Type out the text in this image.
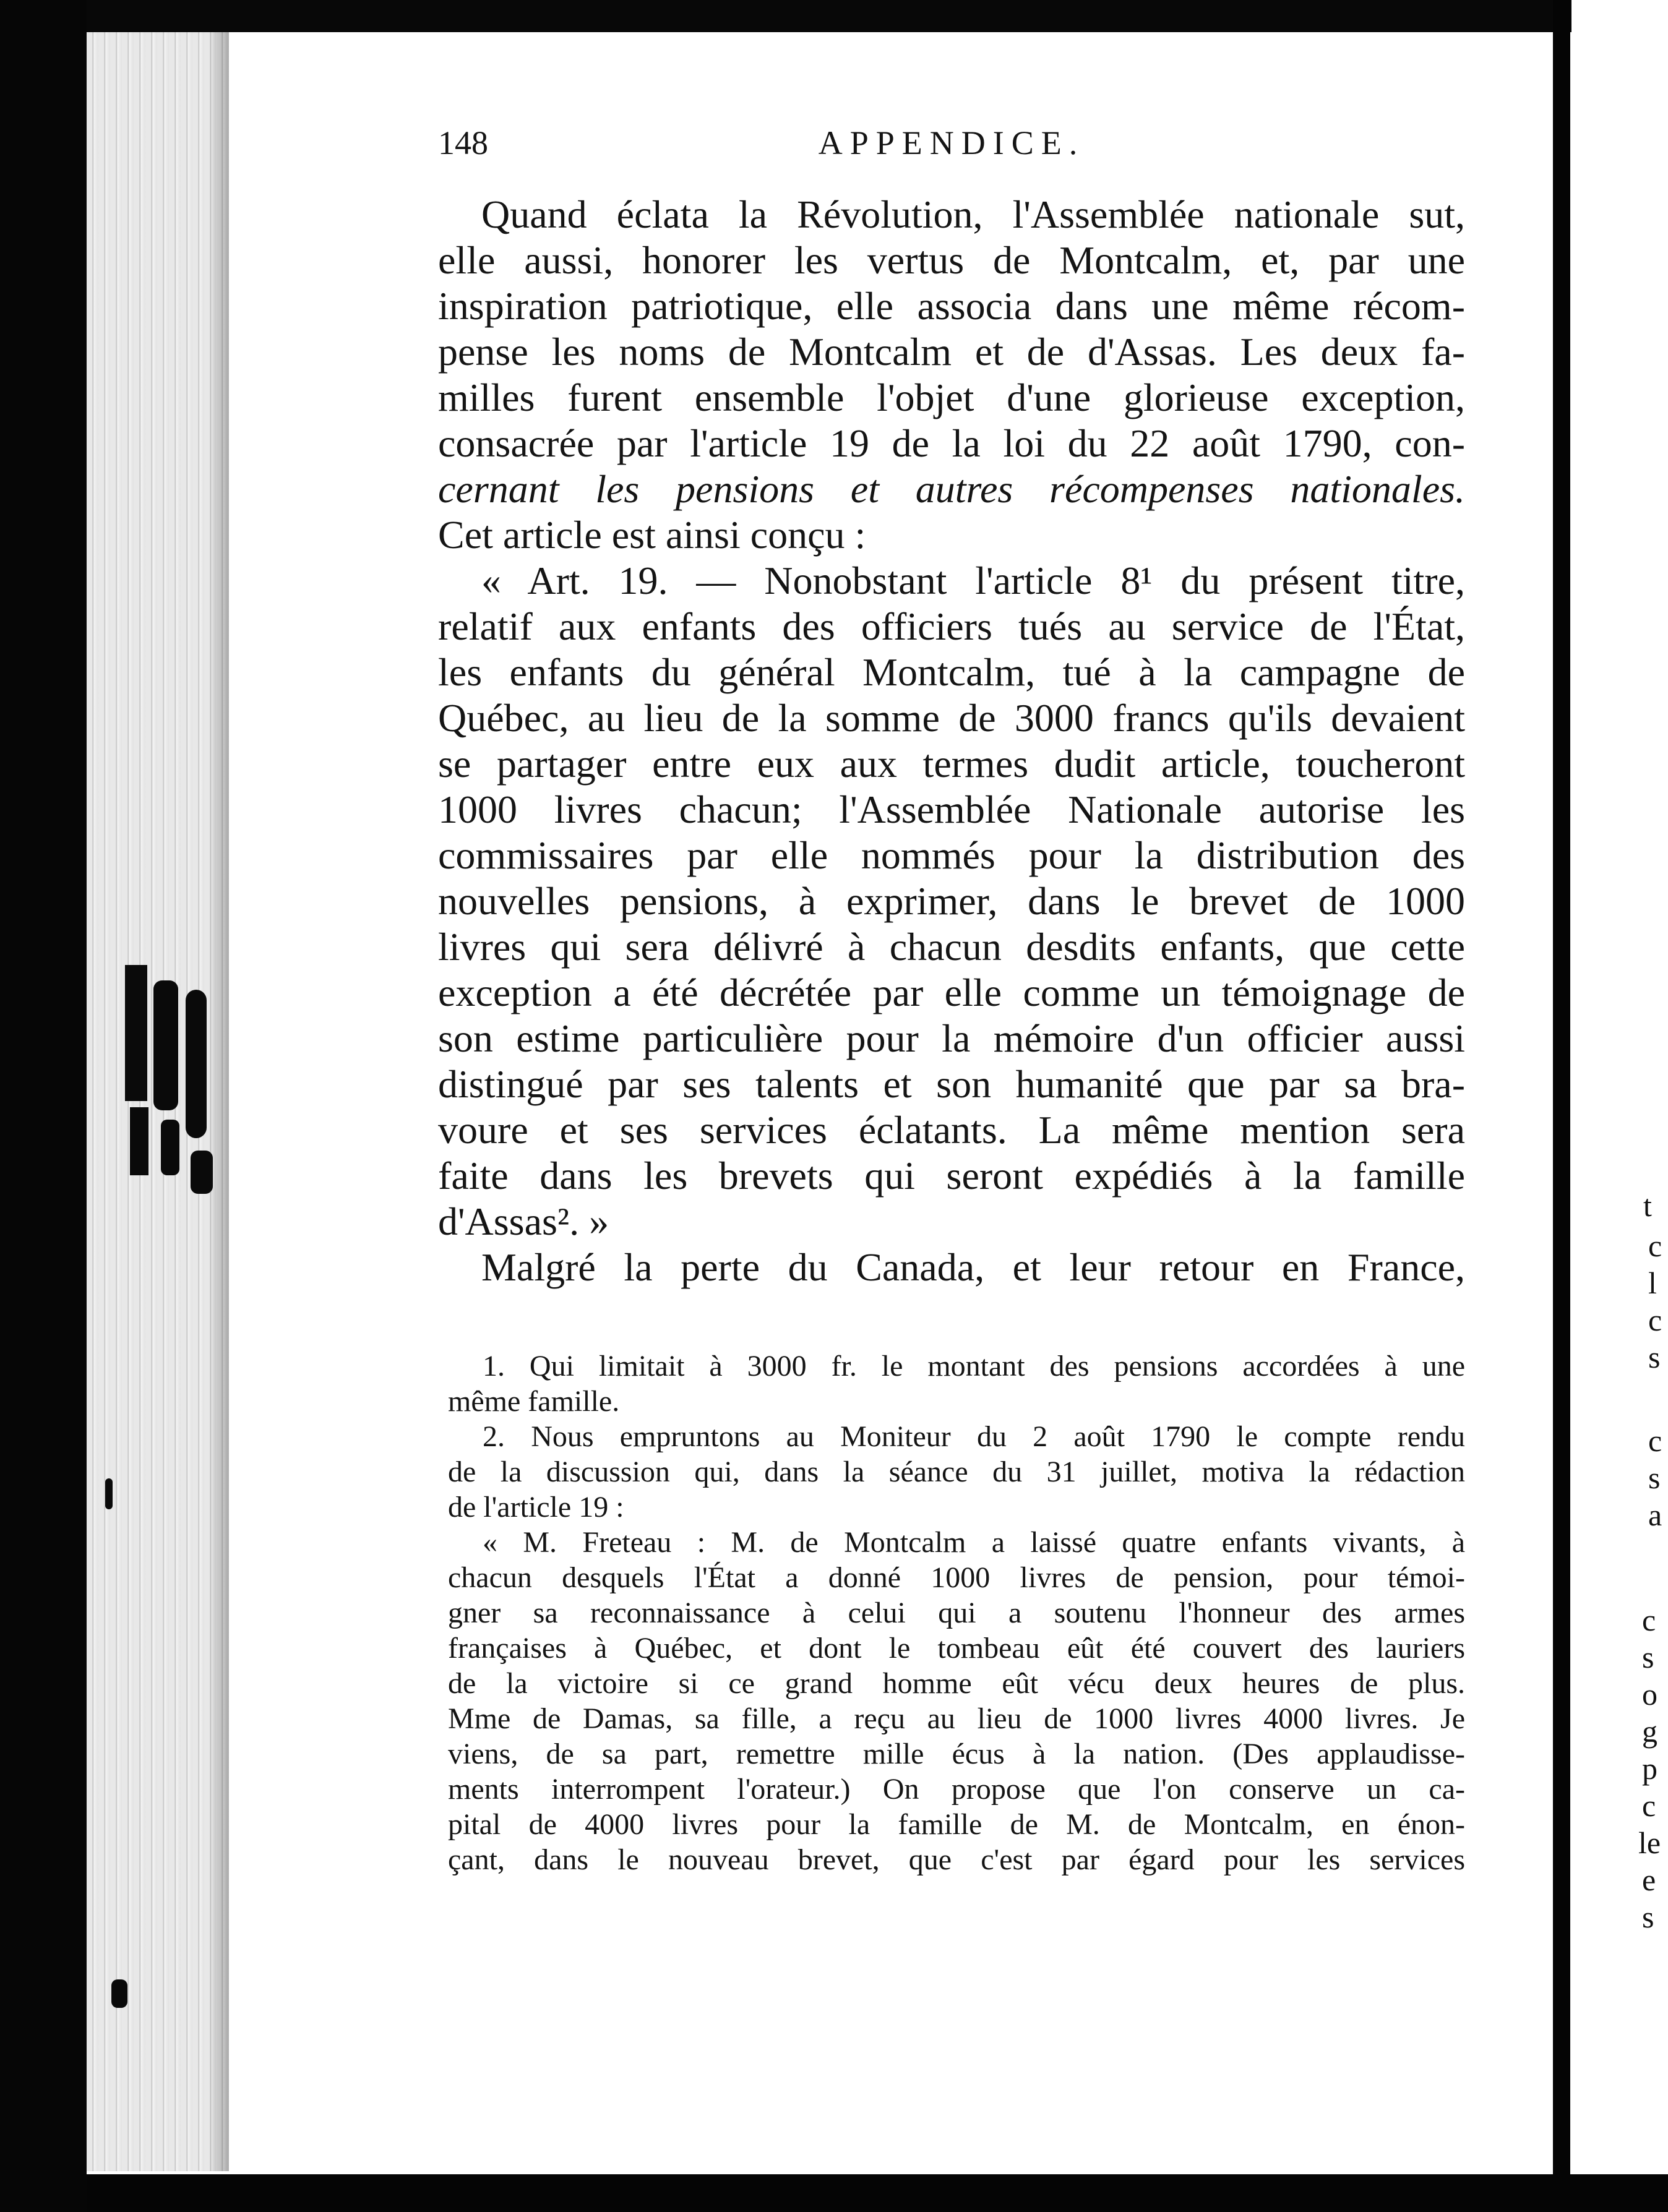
t
c
l
c
s
c
s
a
c
s
o
g
p
c
le
e
s
148	APPENDICE.
Quand éclata la Révolution, l'Assemblée nationale sut,
elle aussi, honorer les vertus de Montcalm, et, par une
inspiration patriotique, elle associa dans une même récom-
pense les noms de Montcalm et de d'Assas. Les deux fa-
milles furent ensemble l'objet d'une glorieuse exception,
consacrée par l'article 19 de la loi du 22 août 1790, con-
cernant les pensions et autres récompenses nationales.
Cet article est ainsi conçu :
« Art. 19. — Nonobstant l'article 8¹ du présent titre,
relatif aux enfants des officiers tués au service de l'État,
les enfants du général Montcalm, tué à la campagne de
Québec, au lieu de la somme de 3000 francs qu'ils devaient
se partager entre eux aux termes dudit article, toucheront
1000 livres chacun; l'Assemblée Nationale autorise les
commissaires par elle nommés pour la distribution des
nouvelles pensions, à exprimer, dans le brevet de 1000
livres qui sera délivré à chacun desdits enfants, que cette
exception a été décrétée par elle comme un témoignage de
son estime particulière pour la mémoire d'un officier aussi
distingué par ses talents et son humanité que par sa bra-
voure et ses services éclatants. La même mention sera
faite dans les brevets qui seront expédiés à la famille
d'Assas². »
Malgré la perte du Canada, et leur retour en France,
1. Qui limitait à 3000 fr. le montant des pensions accordées à une
même famille.
2. Nous empruntons au Moniteur du 2 août 1790 le compte rendu
de la discussion qui, dans la séance du 31 juillet, motiva la rédaction
de l'article 19 :
« M. Freteau : M. de Montcalm a laissé quatre enfants vivants, à
chacun desquels l'État a donné 1000 livres de pension, pour témoi-
gner sa reconnaissance à celui qui a soutenu l'honneur des armes
françaises à Québec, et dont le tombeau eût été couvert des lauriers
de la victoire si ce grand homme eût vécu deux heures de plus.
Mme de Damas, sa fille, a reçu au lieu de 1000 livres 4000 livres. Je
viens, de sa part, remettre mille écus à la nation. (Des applaudisse-
ments interrompent l'orateur.) On propose que l'on conserve un ca-
pital de 4000 livres pour la famille de M. de Montcalm, en énon-
çant, dans le nouveau brevet, que c'est par égard pour les services
